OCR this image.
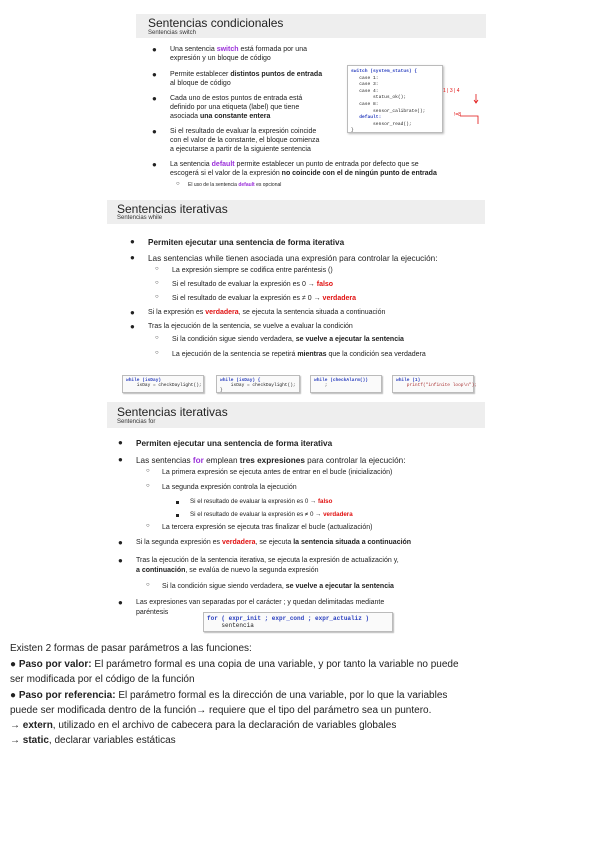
Sentencias condicionales
Sentencias switch
● Una sentencia switch está formada por una
expresión y un bloque de código
● Permite establecer distintos puntos de entrada
al bloque de código
● Cada uno de estos puntos de entrada está
definido por una etiqueta (label) que tiene
asociada una constante entera
● Si el resultado de evaluar la expresión coincide
con el valor de la constante, el bloque comienza
a ejecutarse a partir de la siguiente sentencia
switch (system_status) {
case 1:
case 3:
case 4:
status_ok();
case 8:
sensor_calibrate();
default:
sensor_read();
}
1 | 3 | 4
!=8
● La sentencia default permite establecer un punto de entrada por defecto que se
escogerá si el valor de la expresión no coincide con el de ningún punto de entrada
○ El uso de la sentencia default es opcional
Sentencias iterativas
Sentencias while
● Permiten ejecutar una sentencia de forma iterativa
● Las sentencias while tienen asociada una expresión para controlar la ejecución:
○ La expresión siempre se codifica entre paréntesis ()
○ Si el resultado de evaluar la expresión es 0 → falso
○ Si el resultado de evaluar la expresión es ≠ 0 → verdadera
● Si la expresión es verdadera, se ejecuta la sentencia situada a continuación
● Tras la ejecución de la sentencia, se vuelve a evaluar la condición
○ Si la condición sigue siendo verdadera, se vuelve a ejecutar la sentencia
○ La ejecución de la sentencia se repetirá mientras que la condición sea verdadera
while (isDay)
isDay = checkDaylight();
while (isDay) {
isDay = checkDaylight();
}
while (checkAlarm())
;
while (1)
printf("infinite loop\n");
Sentencias iterativas
Sentencias for
● Permiten ejecutar una sentencia de forma iterativa
● Las sentencias for emplean tres expresiones para controlar la ejecución:
○ La primera expresión se ejecuta antes de entrar en el bucle (inicialización)
○ La segunda expresión controla la ejecución
Si el resultado de evaluar la expresión es 0 → falso
Si el resultado de evaluar la expresión es ≠ 0 → verdadera
○ La tercera expresión se ejecuta tras finalizar el bucle (actualización)
● Si la segunda expresión es verdadera, se ejecuta la sentencia situada a continuación
● Tras la ejecución de la sentencia iterativa, se ejecuta la expresión de actualización y,
a continuación, se evalúa de nuevo la segunda expresión
○ Si la condición sigue siendo verdadera, se vuelve a ejecutar la sentencia
● Las expresiones van separadas por el carácter ; y quedan delimitadas mediante
paréntesis
for ( expr_init ; expr_cond ; expr_actualiz )
sentencia
Existen 2 formas de pasar parámetros a las funciones:
● Paso por valor: El parámetro formal es una copia de una variable, y por tanto la variable no puede
ser modificada por el código de la función
● Paso por referencia: El parámetro formal es la dirección de una variable, por lo que la variables
puede ser modificada dentro de la función→ requiere que el tipo del parámetro sea un puntero.
→ extern, utilizado en el archivo de cabecera para la declaración de variables globales
→ static, declarar variables estáticas
